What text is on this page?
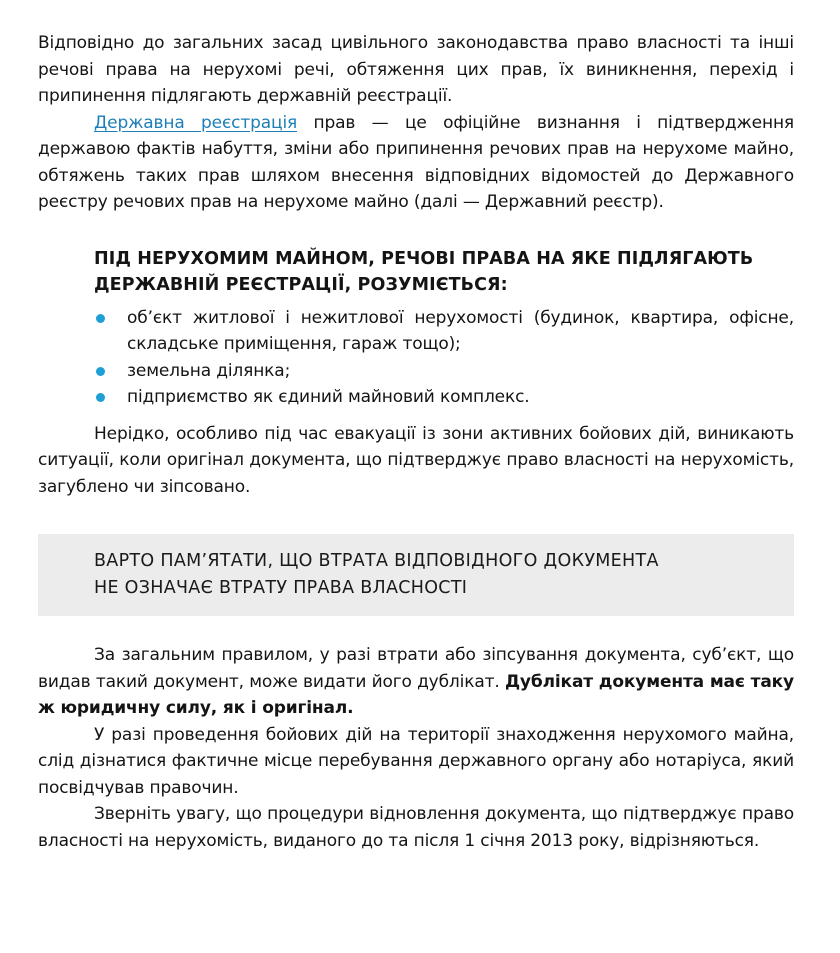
Відповідно до загальних засад цивільного законодавства право власності та інші речові права на нерухомі речі, обтяження цих прав, їх виникнення, перехід і припинення підлягають державній реєстрації.

Державна реєстрація прав — це офіційне визнання і підтвердження державою фактів набуття, зміни або припинення речових прав на нерухоме майно, обтяжень таких прав шляхом внесення відповідних відомостей до Державного реєстру речових прав на нерухоме майно (далі — Державний реєстр).

ПІД НЕРУХОМИМ МАЙНОМ, РЕЧОВІ ПРАВА НА ЯКЕ ПІДЛЯГАЮТЬ
ДЕРЖАВНІЙ РЕЄСТРАЦІЇ, РОЗУМІЄТЬСЯ:
об’єкт житлової і нежитлової нерухомості (будинок, квартира, офісне, складське приміщення, гараж тощо);
земельна ділянка;
підприємство як єдиний майновий комплекс.

Нерідко, особливо під час евакуації із зони активних бойових дій, виникають ситуації, коли оригінал документа, що підтверджує право власності на нерухомість, загублено чи зіпсовано.

ВАРТО ПАМ’ЯТАТИ, ЩО ВТРАТА ВІДПОВІДНОГО ДОКУМЕНТА
НЕ ОЗНАЧАЄ ВТРАТУ ПРАВА ВЛАСНОСТІ

За загальним правилом, у разі втрати або зіпсування документа, суб’єкт, що видав такий документ, може видати його дублікат. Дублікат документа має таку ж юридичну силу, як і оригінал.

У разі проведення бойових дій на території знаходження нерухомого майна, слід дізнатися фактичне місце перебування державного органу або нотаріуса, який посвідчував правочин.

Зверніть увагу, що процедури відновлення документа, що підтверджує право власності на нерухомість, виданого до та після 1 січня 2013 року, відрізняються.
